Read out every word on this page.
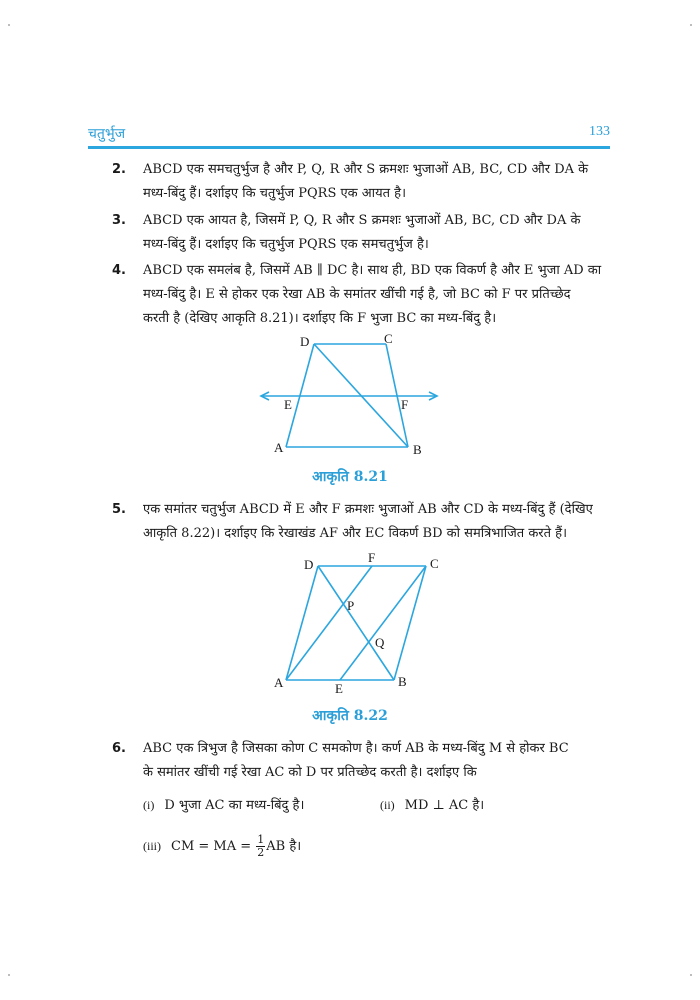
चतुर्भुज	133
2. ABCD एक समचतुर्भुज है और P, Q, R और S क्रमशः भुजाओं AB, BC, CD और DA के
मध्य-बिंदु हैं। दर्शाइए कि चतुर्भुज PQRS एक आयत है।
3. ABCD एक आयत है, जिसमें P, Q, R और S क्रमशः भुजाओं AB, BC, CD और DA के
मध्य-बिंदु हैं। दर्शाइए कि चतुर्भुज PQRS एक समचतुर्भुज है।
4. ABCD एक समलंब है, जिसमें AB ∥ DC है। साथ ही, BD एक विकर्ण है और E भुजा AD का
मध्य-बिंदु है। E से होकर एक रेखा AB के समांतर खींची गई है, जो BC को F पर प्रतिच्छेद
करती है (देखिए आकृति 8.21)। दर्शाइए कि F भुजा BC का मध्य-बिंदु है।
A	B
C
D
E	F
आकृति 8.21
5. एक समांतर चतुर्भुज ABCD में E और F क्रमशः भुजाओं AB और CD के मध्य-बिंदु हैं (देखिए
आकृति 8.22)। दर्शाइए कि रेखाखंड AF और EC विकर्ण BD को समत्रिभाजित करते हैं।
A	B
C
D
E
F
P
Q
आकृति 8.22
6. ABC एक त्रिभुज है जिसका कोण C समकोण है। कर्ण AB के मध्य-बिंदु M से होकर BC
के समांतर खींची गई रेखा AC को D पर प्रतिच्छेद करती है। दर्शाइए कि
(i) D भुजा AC का मध्य-बिंदु है।	(ii) MD ⊥ AC है।
(iii) CM = MA = $\frac{1}{2}$ AB है।
